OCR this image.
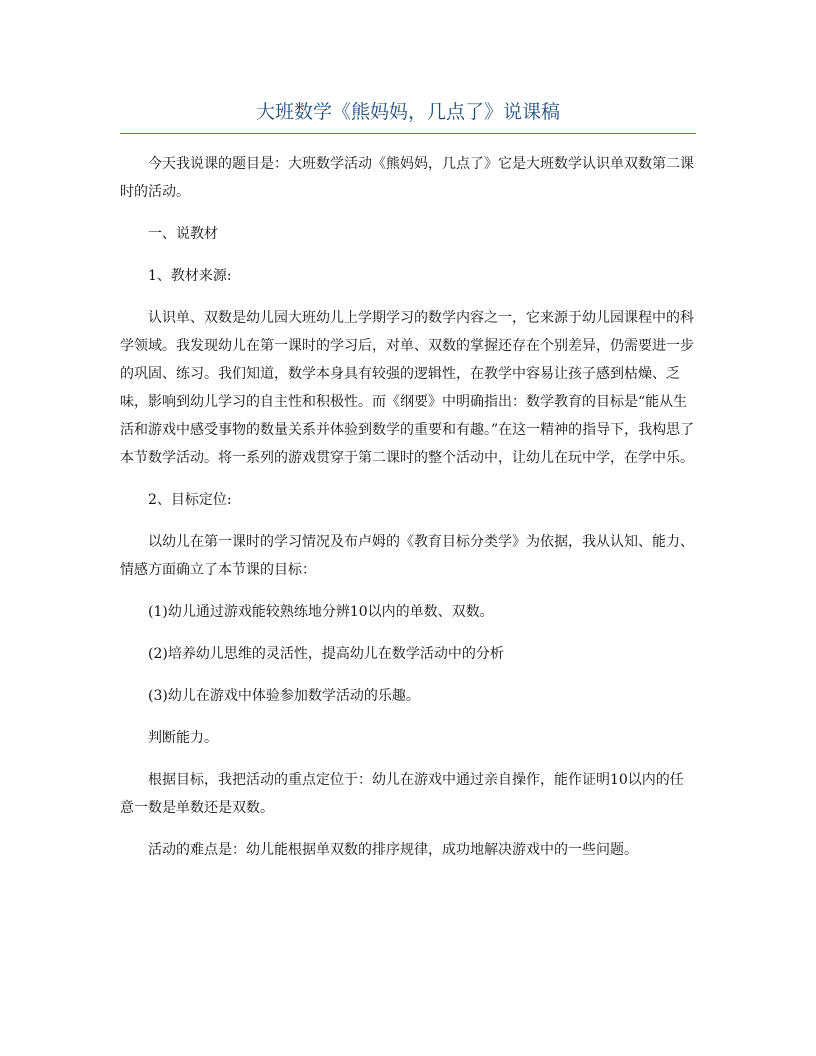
大班数学《熊妈妈，几点了》说课稿

今天我说课的题目是：大班数学活动《熊妈妈，几点了》它是大班数学认识单双数第二课时的活动。

一、说教材

1、教材来源:

认识单、双数是幼儿园大班幼儿上学期学习的数学内容之一，它来源于幼儿园课程中的科学领域。我发现幼儿在第一课时的学习后，对单、双数的掌握还存在个别差异，仍需要进一步的巩固、练习。我们知道，数学本身具有较强的逻辑性，在教学中容易让孩子感到枯燥、乏味，影响到幼儿学习的自主性和积极性。而《纲要》中明确指出：数学教育的目标是“能从生活和游戏中感受事物的数量关系并体验到数学的重要和有趣。”在这一精神的指导下，我构思了本节数学活动。将一系列的游戏贯穿于第二课时的整个活动中，让幼儿在玩中学，在学中乐。

2、目标定位:

以幼儿在第一课时的学习情况及布卢姆的《教育目标分类学》为依据，我从认知、能力、情感方面确立了本节课的目标：

(1)幼儿通过游戏能较熟练地分辨10以内的单数、双数。

(2)培养幼儿思维的灵活性，提高幼儿在数学活动中的分析

(3)幼儿在游戏中体验参加数学活动的乐趣。

判断能力。

根据目标，我把活动的重点定位于：幼儿在游戏中通过亲自操作，能作证明10以内的任意一数是单数还是双数。

活动的难点是：幼儿能根据单双数的排序规律，成功地解决游戏中的一些问题。
